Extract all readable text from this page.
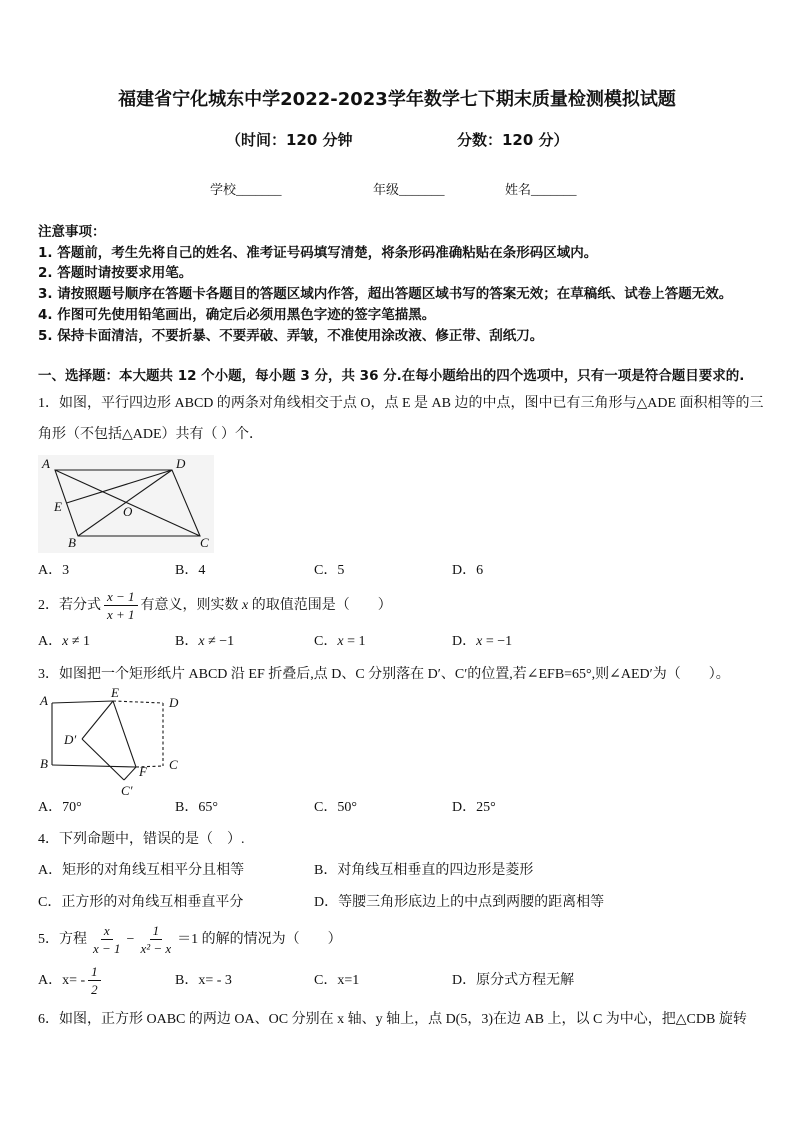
福建省宁化城东中学2022-2023学年数学七下期末质量检测模拟试题
（时间：120 分钟	分数：120 分）
学校_______	年级_______	姓名_______
注意事项：
1. 答题前，考生先将自己的姓名、准考证号码填写清楚，将条形码准确粘贴在条形码区域内。
2. 答题时请按要求用笔。
3. 请按照题号顺序在答题卡各题目的答题区域内作答，超出答题区域书写的答案无效；在草稿纸、试卷上答题无效。
4. 作图可先使用铅笔画出，确定后必须用黑色字迹的签字笔描黑。
5. 保持卡面清洁，不要折暴、不要弄破、弄皱，不准使用涂改液、修正带、刮纸刀。
一、选择题：本大题共 12 个小题，每小题 3 分，共 36 分.在每小题给出的四个选项中，只有一项是符合题目要求的.
1．如图，平行四边形 ABCD 的两条对角线相交于点 O，点 E 是 AB 边的中点，图中已有三角形与△ADE 面积相等的三
角形（不包括△ADE）共有（ ）个．
A	D
E	O
B	C
A．3	B．4	C．5	D．6
2．若分式 $\frac{x - 1}{x + 1}$ 有意义，则实数 x 的取值范围是（　　）
A．x ≠ 1	B．x ≠ −1	C．x = 1	D．x = −1
3．如图把一个矩形纸片 ABCD 沿 EF 折叠后,点 D、C 分别落在 D′、C′的位置,若∠EFB=65°,则∠AED′为（　　）。
A
E
D
D′
B	C
F
C′
A．70°	B．65°	C．50°	D．25°
4．下列命题中，错误的是（　）.
A．矩形的对角线互相平分且相等	B．对角线互相垂直的四边形是菱形
C．正方形的对角线互相垂直平分	D．等腰三角形底边上的中点到两腰的距离相等
5．方程 $\frac{x}{x - 1} - \frac{1}{\text{x² − x}} =1$ 的解的情况为（　　）
A．$x= - \frac{1}{2}$	B．x= - 3	C．x=1	D．原分式方程无解
6．如图，正方形 OABC 的两边 OA、OC 分别在 x 轴、y 轴上，点 D(5，3)在边 AB 上，以 C 为中心，把△CDB 旋转
